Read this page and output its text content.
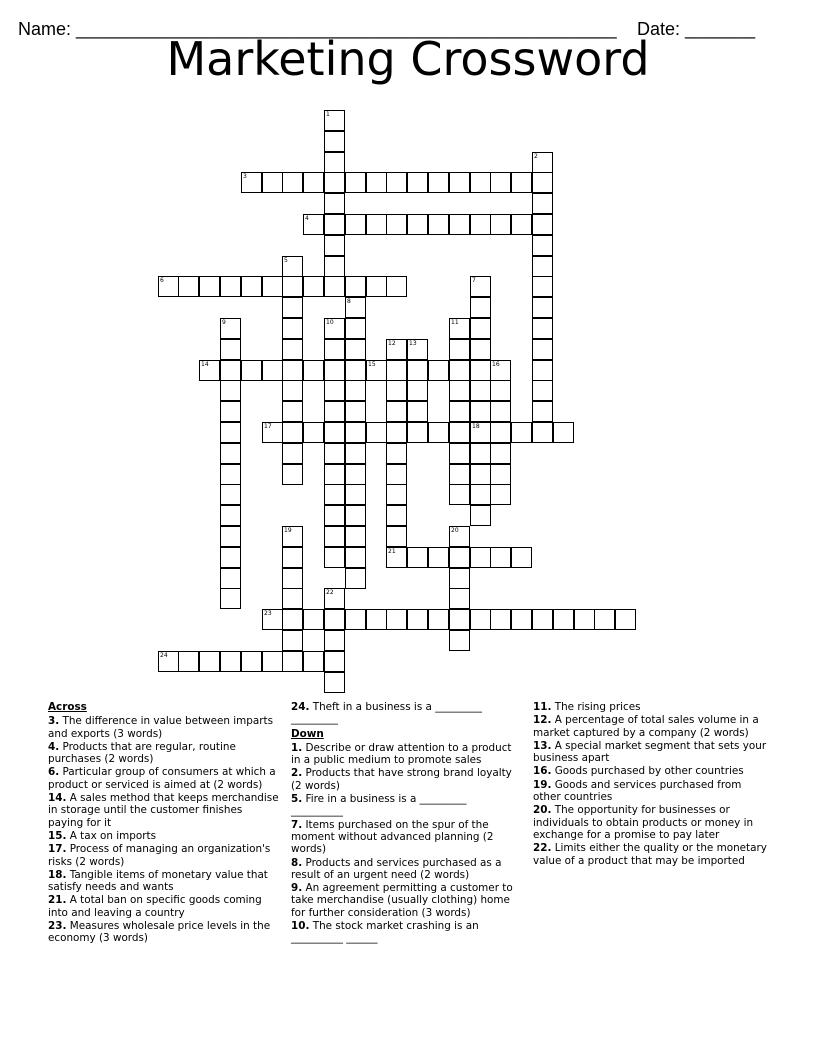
Name: ______________________________________________________	Date: _______

Marketing Crossword
1
2
3
4
5
6	7
8
9	10	11
12 13
14	15	16
17	18
19	20
21
22
23
24
Across
3. The difference in value between imparts and exports (3 words)
4. Products that are regular, routine purchases (2 words)
6. Particular group of consumers at which a product or serviced is aimed at (2 words)
14. A sales method that keeps merchandise in storage until the customer finishes paying for it
15. A tax on imports
17. Process of managing an organization's risks (2 words)
18. Tangible items of monetary value that satisfy needs and wants
21. A total ban on specific goods coming into and leaving a country
23. Measures wholesale price levels in the economy (3 words)
24. Theft in a business is a _________ _________
Down
1. Describe or draw attention to a product in a public medium to promote sales
2. Products that have strong brand loyalty (2 words)
5. Fire in a business is a _________ __________
7. Items purchased on the spur of the moment without advanced planning (2 words)
8. Products and services purchased as a result of an urgent need (2 words)
9. An agreement permitting a customer to take merchandise (usually clothing) home for further consideration (3 words)
10. The stock market crashing is an __________ ______
11. The rising prices
12. A percentage of total sales volume in a market captured by a company (2 words)
13. A special market segment that sets your business apart
16. Goods purchased by other countries
19. Goods and services purchased from other countries
20. The opportunity for businesses or individuals to obtain products or money in exchange for a promise to pay later
22. Limits either the quality or the monetary value of a product that may be imported
